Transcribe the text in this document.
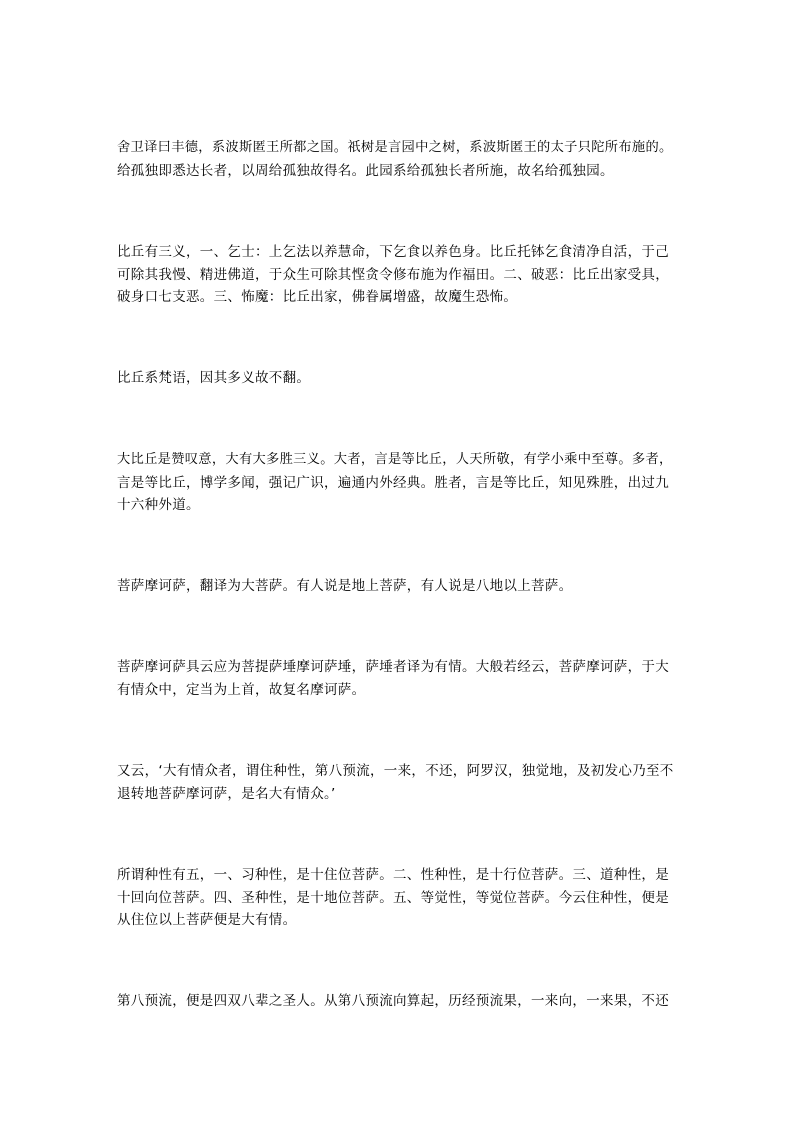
舍卫译曰丰德，系波斯匿王所都之国。祇树是言园中之树，系波斯匿王的太子只陀所布施的。
给孤独即悉达长者，以周给孤独故得名。此园系给孤独长者所施，故名给孤独园。
比丘有三义，一、乞士：上乞法以养慧命，下乞食以养色身。比丘托钵乞食清净自活，于己
可除其我慢、精进佛道，于众生可除其悭贪令修布施为作福田。二、破恶：比丘出家受具，
破身口七支恶。三、怖魔：比丘出家，佛眷属增盛，故魔生恐怖。
比丘系梵语，因其多义故不翻。
大比丘是赞叹意，大有大多胜三义。大者，言是等比丘，人天所敬，有学小乘中至尊。多者，
言是等比丘，博学多闻，强记广识，遍通内外经典。胜者，言是等比丘，知见殊胜，出过九
十六种外道。
菩萨摩诃萨，翻译为大菩萨。有人说是地上菩萨，有人说是八地以上菩萨。
菩萨摩诃萨具云应为菩提萨埵摩诃萨埵，萨埵者译为有情。大般若经云，菩萨摩诃萨，于大
有情众中，定当为上首，故复名摩诃萨。
又云，‘大有情众者，谓住种性，第八预流，一来，不还，阿罗汉，独觉地，及初发心乃至不
退转地菩萨摩诃萨，是名大有情众。’
所谓种性有五，一、习种性，是十住位菩萨。二、性种性，是十行位菩萨。三、道种性，是
十回向位菩萨。四、圣种性，是十地位菩萨。五、等觉性，等觉位菩萨。今云住种性，便是
从住位以上菩萨便是大有情。
第八预流，便是四双八辈之圣人。从第八预流向算起，历经预流果，一来向，一来果，不还
